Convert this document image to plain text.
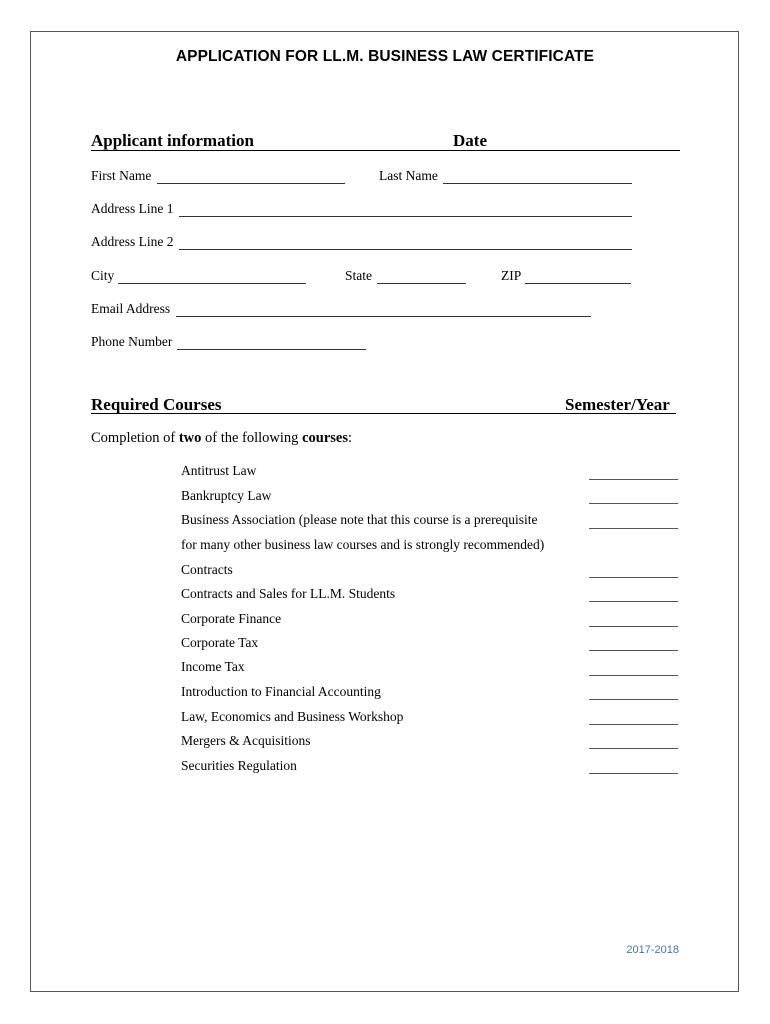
APPLICATION FOR LL.M. BUSINESS LAW CERTIFICATE
Applicant information	Date
First Name	Last Name
Address Line 1
Address Line 2
City	State	ZIP
Email Address
Phone Number
Required Courses	Semester/Year
Completion of two of the following courses:
Antitrust Law
Bankruptcy Law
Business Association (please note that this course is a prerequisite
for many other business law courses and is strongly recommended)
Contracts
Contracts and Sales for LL.M. Students
Corporate Finance
Corporate Tax
Income Tax
Introduction to Financial Accounting
Law, Economics and Business Workshop
Mergers & Acquisitions
Securities Regulation
2017-2018
